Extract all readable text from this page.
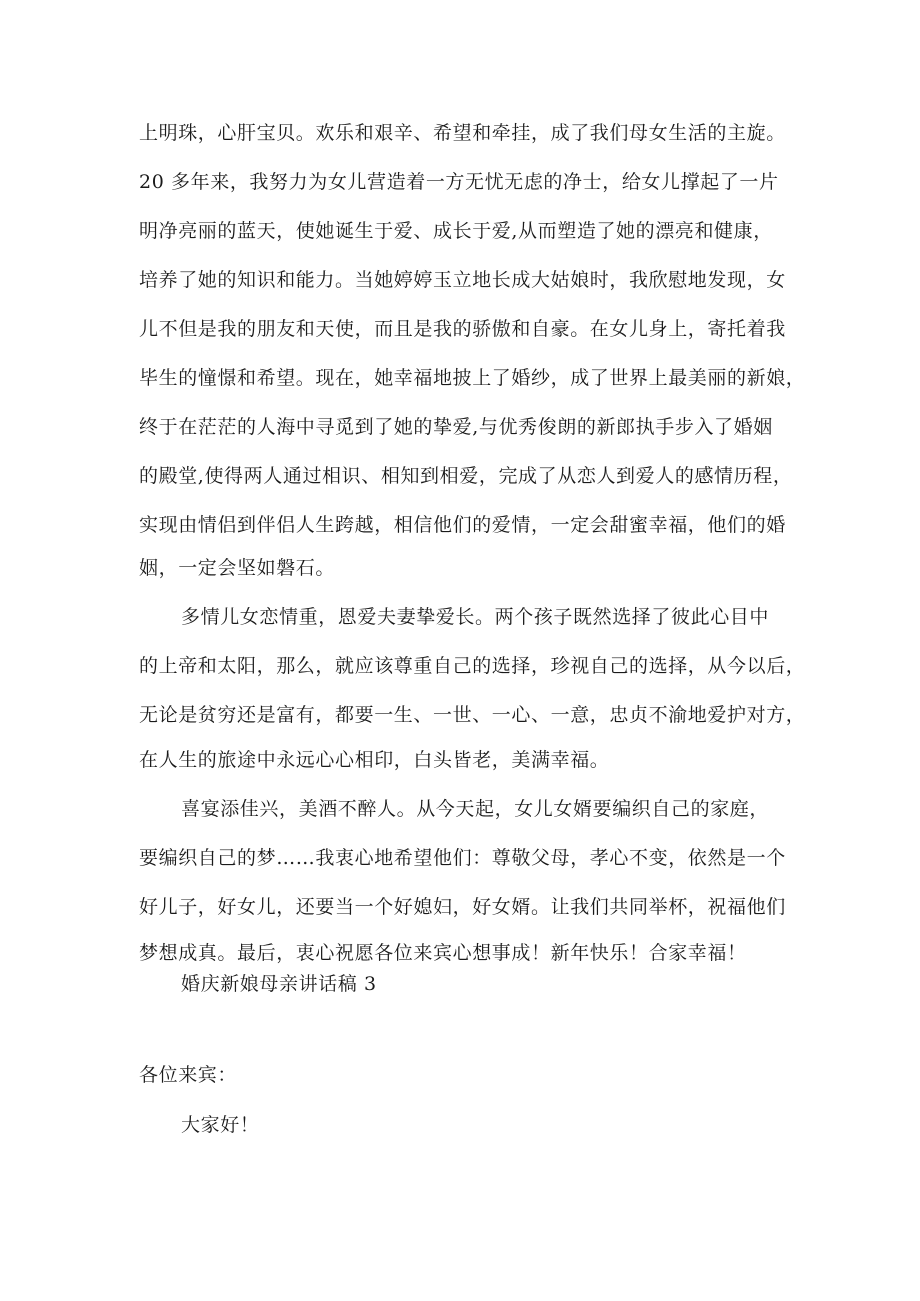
上明珠，心肝宝贝。欢乐和艰辛、希望和牵挂，成了我们母女生活的主旋。
20 多年来，我努力为女儿营造着一方无忧无虑的净士，给女儿撑起了一片
明净亮丽的蓝天，使她诞生于爱、成长于爱,从而塑造了她的漂亮和健康，
培养了她的知识和能力。当她婷婷玉立地长成大姑娘时，我欣慰地发现，女
儿不但是我的朋友和天使，而且是我的骄傲和自豪。在女儿身上，寄托着我
毕生的憧憬和希望。现在，她幸福地披上了婚纱，成了世界上最美丽的新娘，
终于在茫茫的人海中寻觅到了她的挚爱,与优秀俊朗的新郎执手步入了婚姻
的殿堂,使得两人通过相识、相知到相爱，完成了从恋人到爱人的感情历程，
实现由情侣到伴侣人生跨越，相信他们的爱情，一定会甜蜜幸福，他们的婚
姻，一定会坚如磐石。
多情儿女恋情重，恩爱夫妻挚爱长。两个孩子既然选择了彼此心目中
的上帝和太阳，那么，就应该尊重自己的选择，珍视自己的选择，从今以后，
无论是贫穷还是富有，都要一生、一世、一心、一意，忠贞不渝地爱护对方，
在人生的旅途中永远心心相印，白头皆老，美满幸福。
喜宴添佳兴，美酒不醉人。从今天起，女儿女婿要编织自己的家庭，
要编织自己的梦……我衷心地希望他们：尊敬父母，孝心不变，依然是一个
好儿子，好女儿，还要当一个好媳妇，好女婿。让我们共同举杯，祝福他们
梦想成真。最后，衷心祝愿各位来宾心想事成！新年快乐！合家幸福！
婚庆新娘母亲讲话稿 3
各位来宾：
大家好！
